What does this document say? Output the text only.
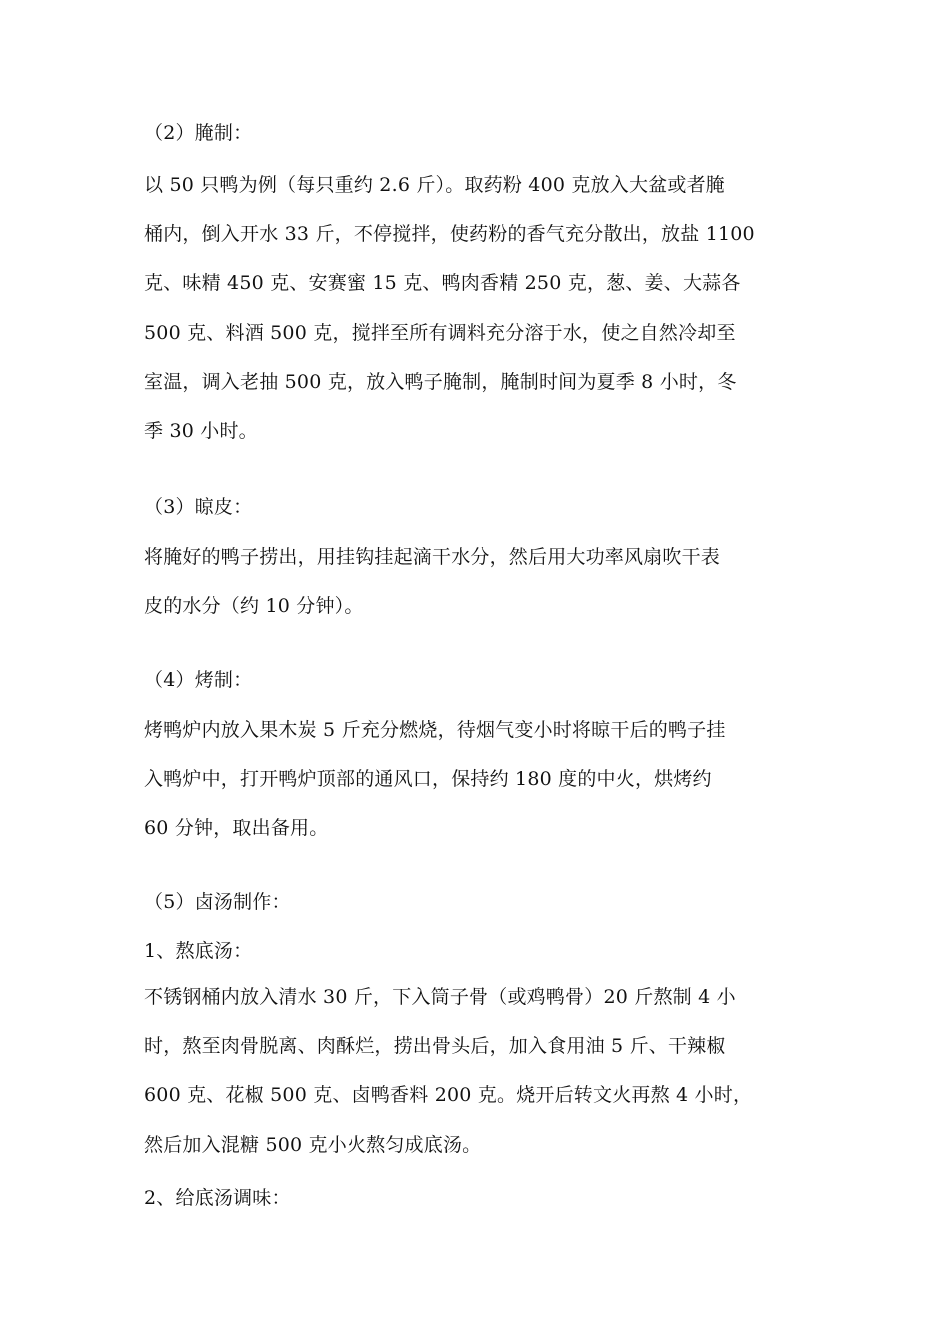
（2）腌制：
以 50 只鸭为例（每只重约 2.6 斤）。取药粉 400 克放入大盆或者腌
桶内，倒入开水 33 斤，不停搅拌，使药粉的香气充分散出，放盐 1100
克、味精 450 克、安赛蜜 15 克、鸭肉香精 250 克，葱、姜、大蒜各
500 克、料酒 500 克，搅拌至所有调料充分溶于水，使之自然冷却至
室温，调入老抽 500 克，放入鸭子腌制，腌制时间为夏季 8 小时，冬
季 30 小时。
（3）晾皮：
将腌好的鸭子捞出，用挂钩挂起滴干水分，然后用大功率风扇吹干表
皮的水分（约 10 分钟）。
（4）烤制：
烤鸭炉内放入果木炭 5 斤充分燃烧，待烟气变小时将晾干后的鸭子挂
入鸭炉中，打开鸭炉顶部的通风口，保持约 180 度的中火，烘烤约
60 分钟，取出备用。
（5）卤汤制作：
1、熬底汤：
不锈钢桶内放入清水 30 斤，下入筒子骨（或鸡鸭骨）20 斤熬制 4 小
时，熬至肉骨脱离、肉酥烂，捞出骨头后，加入食用油 5 斤、干辣椒
600 克、花椒 500 克、卤鸭香料 200 克。烧开后转文火再熬 4 小时，
然后加入混糖 500 克小火熬匀成底汤。
2、给底汤调味：
